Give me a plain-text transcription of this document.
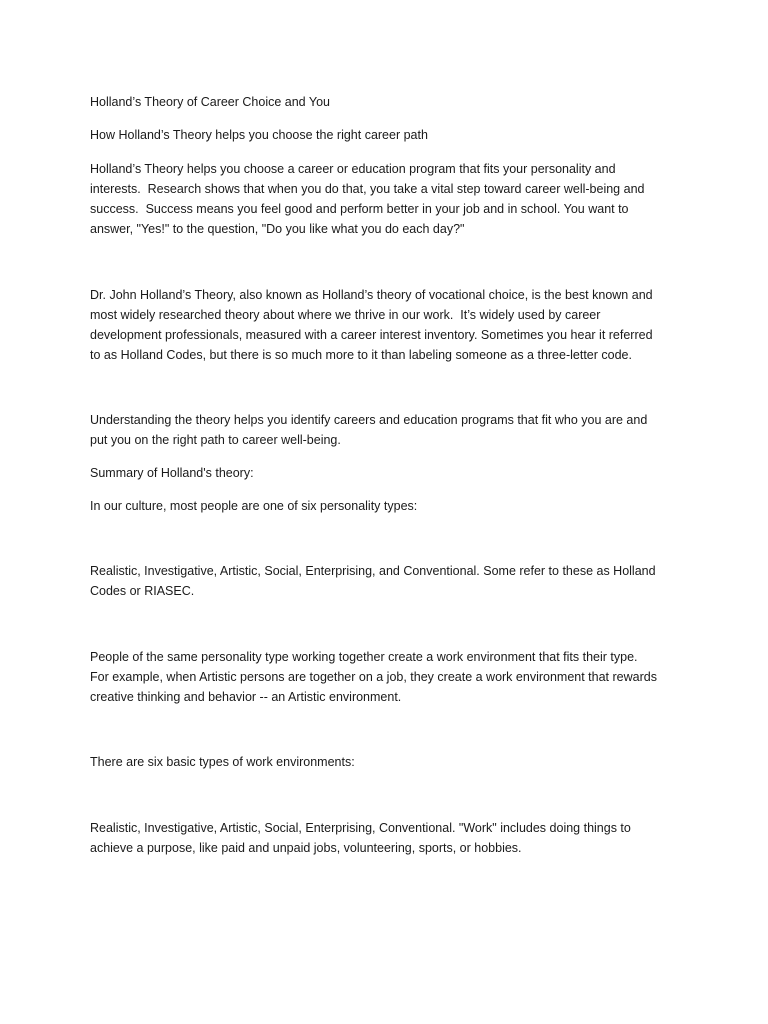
Holland’s Theory of Career Choice and You

How Holland’s Theory helps you choose the right career path

Holland’s Theory helps you choose a career or education program that fits your personality and
interests.  Research shows that when you do that, you take a vital step toward career well-being and
success.  Success means you feel good and perform better in your job and in school. You want to
answer, "Yes!" to the question, "Do you like what you do each day?"

Dr. John Holland’s Theory, also known as Holland’s theory of vocational choice, is the best known and
most widely researched theory about where we thrive in our work.  It’s widely used by career
development professionals, measured with a career interest inventory. Sometimes you hear it referred
to as Holland Codes, but there is so much more to it than labeling someone as a three-letter code.

Understanding the theory helps you identify careers and education programs that fit who you are and
put you on the right path to career well-being.

Summary of Holland's theory:

In our culture, most people are one of six personality types:

Realistic, Investigative, Artistic, Social, Enterprising, and Conventional. Some refer to these as Holland
Codes or RIASEC.

People of the same personality type working together create a work environment that fits their type.
For example, when Artistic persons are together on a job, they create a work environment that rewards
creative thinking and behavior -- an Artistic environment.

There are six basic types of work environments:

Realistic, Investigative, Artistic, Social, Enterprising, Conventional. "Work" includes doing things to
achieve a purpose, like paid and unpaid jobs, volunteering, sports, or hobbies.
